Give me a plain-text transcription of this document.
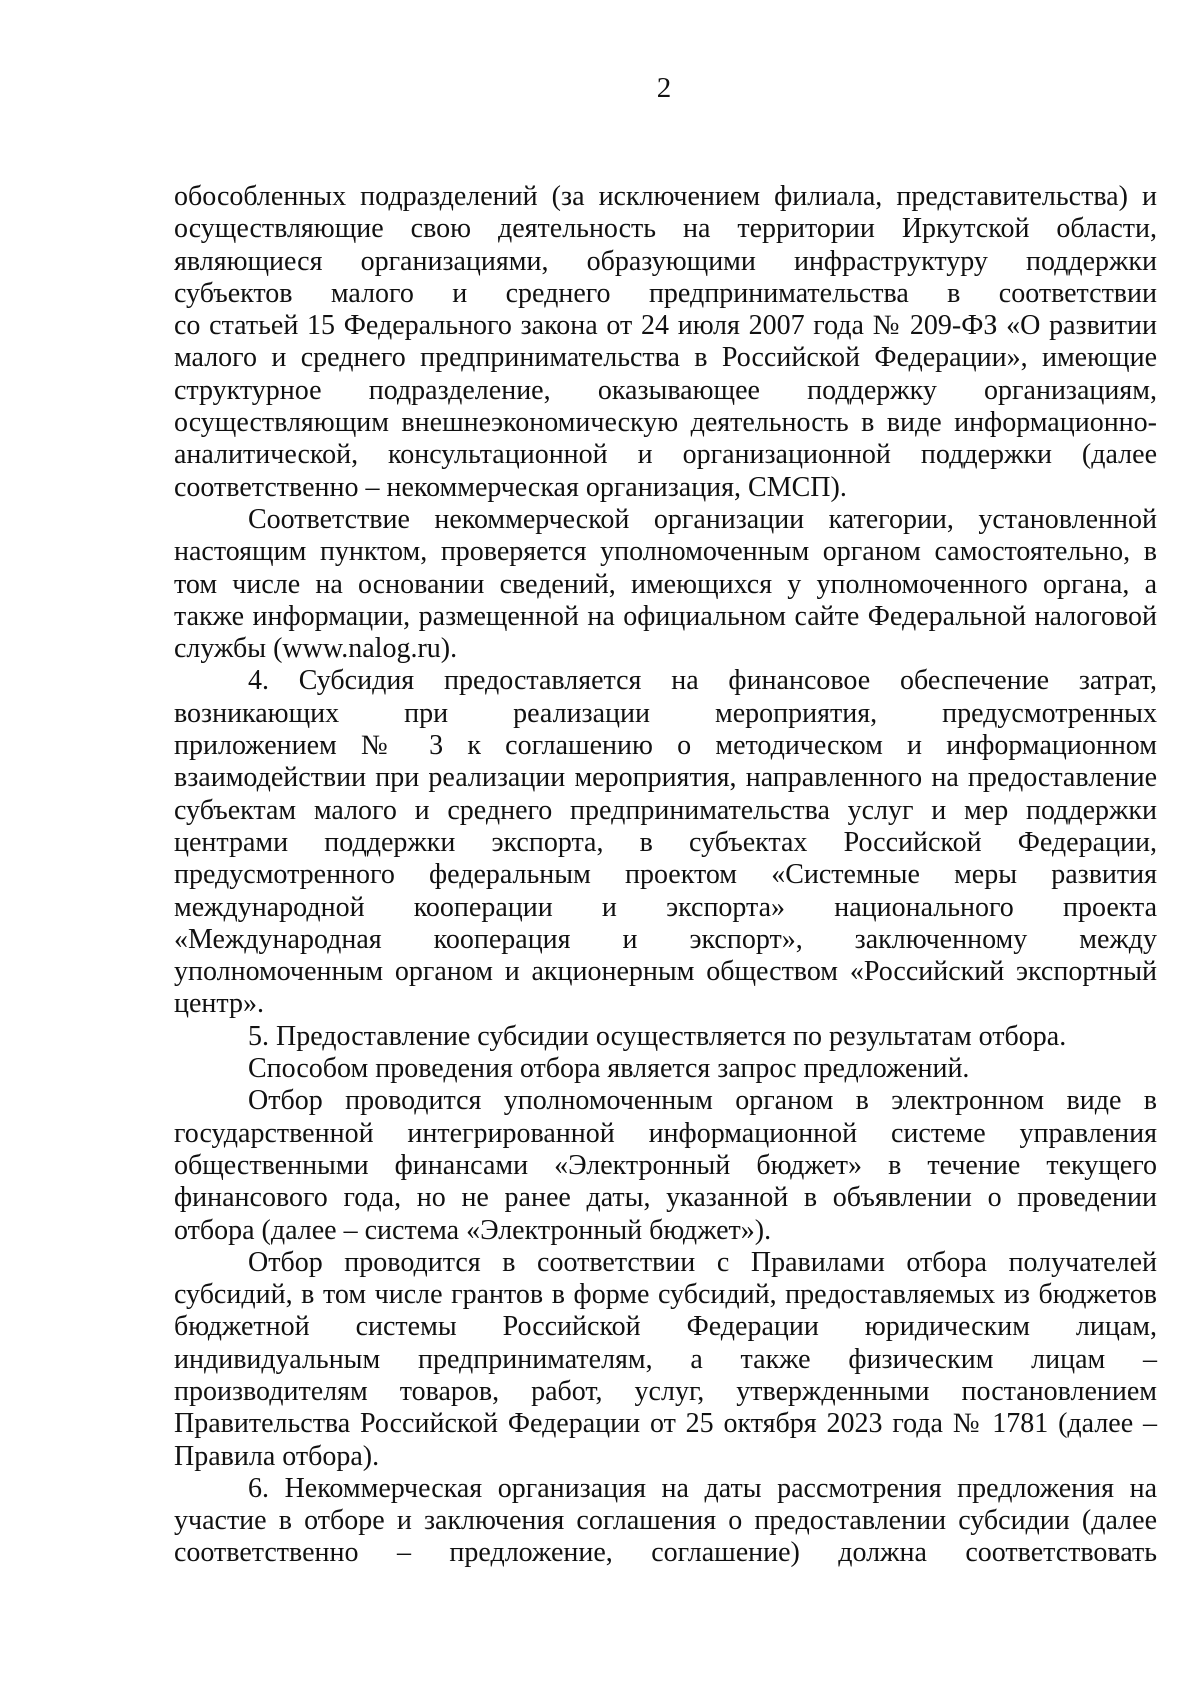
2
обособленных подразделений (за исключением филиала, представительства) и
осуществляющие свою деятельность на территории Иркутской области,
являющиеся организациями, образующими инфраструктуру поддержки
субъектов малого и среднего предпринимательства в соответствии
со статьей 15 Федерального закона от 24 июля 2007 года № 209-ФЗ «О развитии
малого и среднего предпринимательства в Российской Федерации», имеющие
структурное подразделение, оказывающее поддержку организациям,
осуществляющим внешнеэкономическую деятельность в виде информационно-
аналитической, консультационной и организационной поддержки (далее
соответственно – некоммерческая организация, СМСП).
Соответствие некоммерческой организации категории, установленной
настоящим пунктом, проверяется уполномоченным органом самостоятельно, в
том числе на основании сведений, имеющихся у уполномоченного органа, а
также информации, размещенной на официальном сайте Федеральной налоговой
службы (www.nalog.ru).
4. Субсидия предоставляется на финансовое обеспечение затрат,
возникающих при реализации мероприятия, предусмотренных
приложением № 3 к соглашению о методическом и информационном
взаимодействии при реализации мероприятия, направленного на предоставление
субъектам малого и среднего предпринимательства услуг и мер поддержки
центрами поддержки экспорта, в субъектах Российской Федерации,
предусмотренного федеральным проектом «Системные меры развития
международной кооперации и экспорта» национального проекта
«Международная кооперация и экспорт», заключенному между
уполномоченным органом и акционерным обществом «Российский экспортный
центр».
5. Предоставление субсидии осуществляется по результатам отбора.
Способом проведения отбора является запрос предложений.
Отбор проводится уполномоченным органом в электронном виде в
государственной интегрированной информационной системе управления
общественными финансами «Электронный бюджет» в течение текущего
финансового года, но не ранее даты, указанной в объявлении о проведении
отбора (далее – система «Электронный бюджет»).
Отбор проводится в соответствии с Правилами отбора получателей
субсидий, в том числе грантов в форме субсидий, предоставляемых из бюджетов
бюджетной системы Российской Федерации юридическим лицам,
индивидуальным предпринимателям, а также физическим лицам –
производителям товаров, работ, услуг, утвержденными постановлением
Правительства Российской Федерации от 25 октября 2023 года № 1781 (далее –
Правила отбора).
6. Некоммерческая организация на даты рассмотрения предложения на
участие в отборе и заключения соглашения о предоставлении субсидии (далее
соответственно – предложение, соглашение) должна соответствовать
